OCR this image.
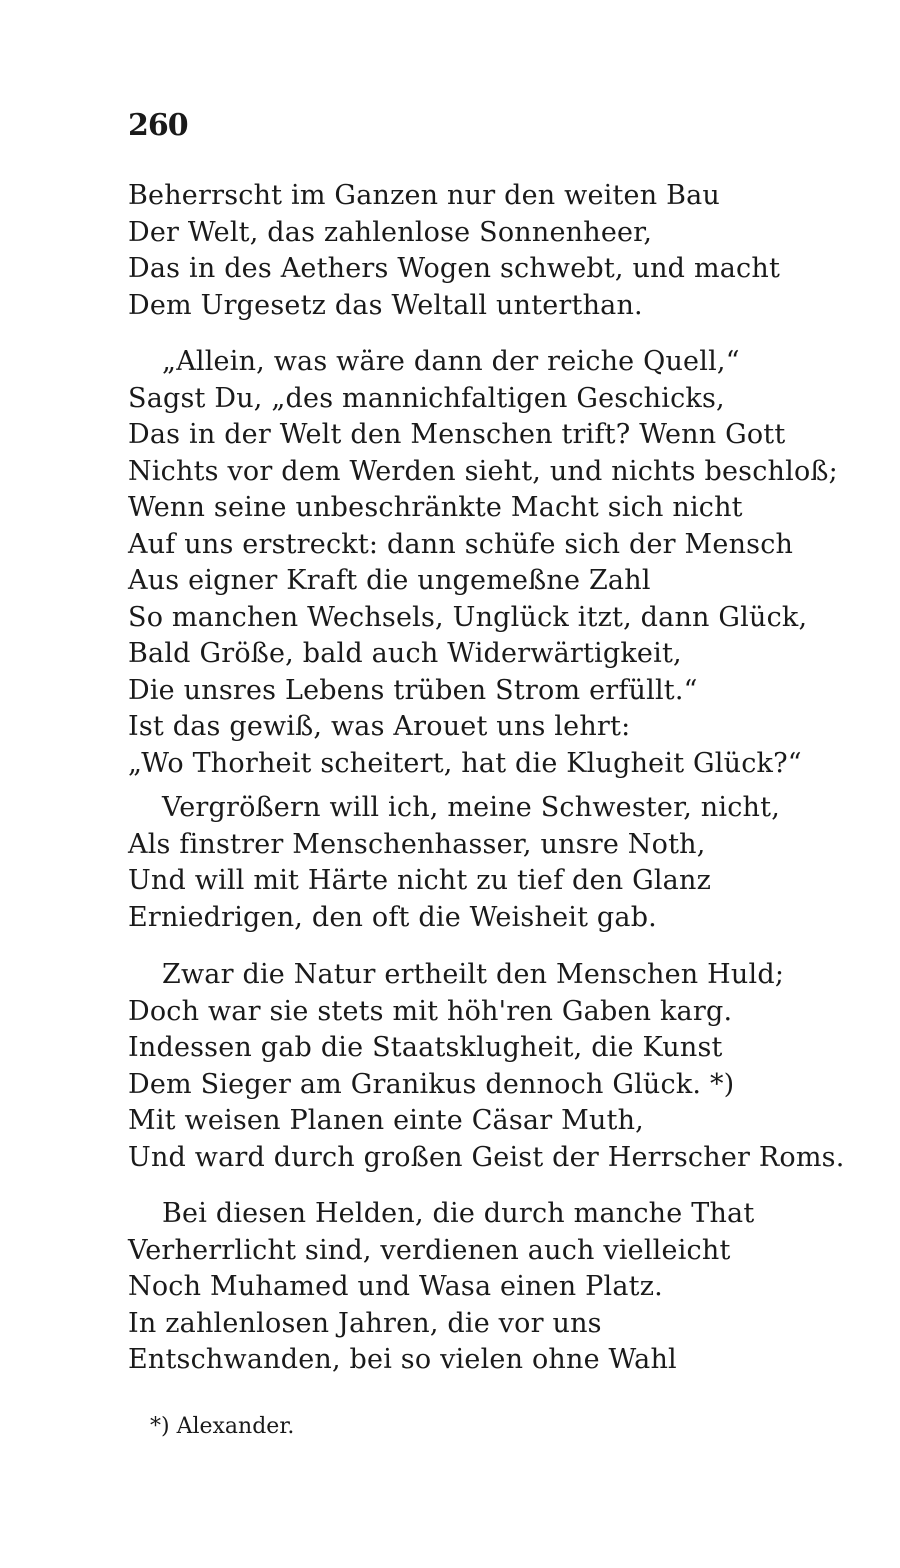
260
Beherrscht im Ganzen nur den weiten Bau
Der Welt, das zahlenlose Sonnenheer,
Das in des Aethers Wogen schwebt, und macht
Dem Urgesetz das Weltall unterthan.
„Allein, was wäre dann der reiche Quell,“
Sagst Du, „des mannichfaltigen Geschicks,
Das in der Welt den Menschen trift? Wenn Gott
Nichts vor dem Werden sieht, und nichts beschloß;
Wenn seine unbeschränkte Macht sich nicht
Auf uns erstreckt: dann schüfe sich der Mensch
Aus eigner Kraft die ungemeßne Zahl
So manchen Wechsels, Unglück itzt, dann Glück,
Bald Größe, bald auch Widerwärtigkeit,
Die unsres Lebens trüben Strom erfüllt.“
Ist das gewiß, was Arouet uns lehrt:
„Wo Thorheit scheitert, hat die Klugheit Glück?“
Vergrößern will ich, meine Schwester, nicht,
Als finstrer Menschenhasser, unsre Noth,
Und will mit Härte nicht zu tief den Glanz
Erniedrigen, den oft die Weisheit gab.
Zwar die Natur ertheilt den Menschen Huld;
Doch war sie stets mit höh'ren Gaben karg.
Indessen gab die Staatsklugheit, die Kunst
Dem Sieger am Granikus dennoch Glück. *)
Mit weisen Planen einte Cäsar Muth,
Und ward durch großen Geist der Herrscher Roms.
Bei diesen Helden, die durch manche That
Verherrlicht sind, verdienen auch vielleicht
Noch Muhamed und Wasa einen Platz.
In zahlenlosen Jahren, die vor uns
Entschwanden, bei so vielen ohne Wahl
*) Alexander.
